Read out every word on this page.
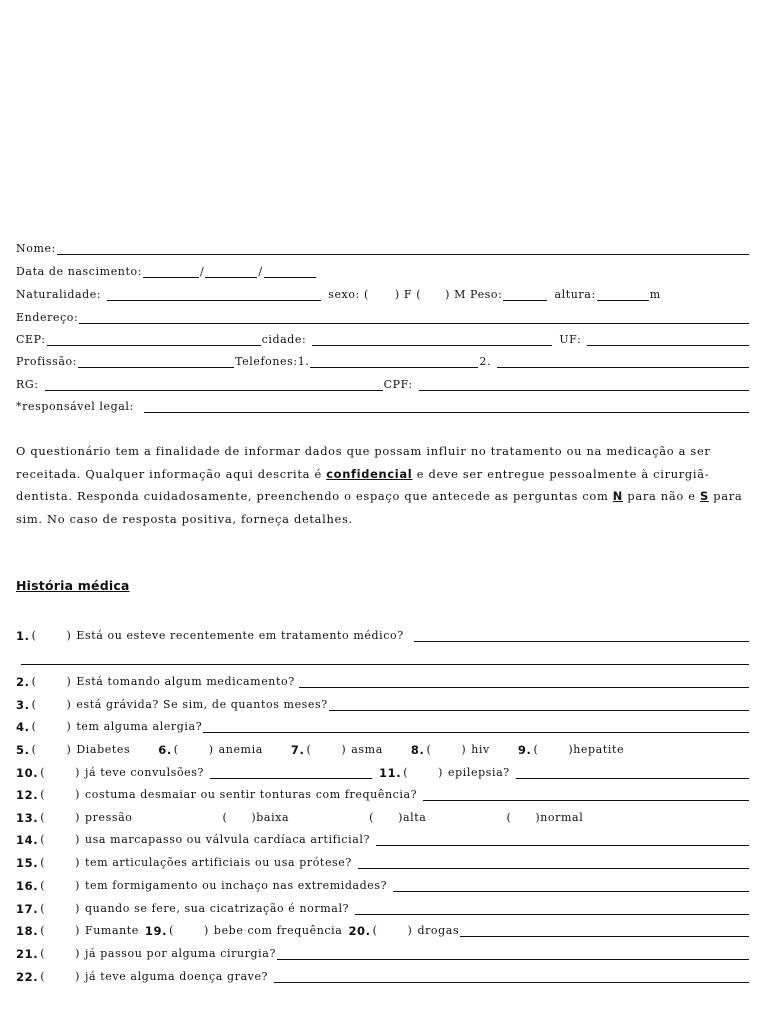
Nome:
Data de nascimento:	/	/
Naturalidade:	sexo: ( ) F ( ) M Peso:	altura:	m
Endereço:
CEP:	cidade:	UF:
Profissão:	Telefones:1.	2.
RG:	CPF:
*responsável legal:
O questionário tem a finalidade de informar dados que possam influir no tratamento ou na medicação a ser receitada. Qualquer informação aqui descrita é confidencial e deve ser entregue pessoalmente à cirurgiã-dentista. Responda cuidadosamente, preenchendo o espaço que antecede as perguntas com N para não e S para sim. No caso de resposta positiva, forneça detalhes.
História médica
1. (	) Está ou esteve recentemente em tratamento médico?
2. (	) Está tomando algum medicamento?
3. (	) está grávida? Se sim, de quantos meses?
4. (	) tem alguma alergia?
5. (	) Diabetes 6. (	) anemia 7. (	) asma 8. (	) hiv 9. (	)hepatite
10. (	) já teve convulsões?	11. (	) epilepsia?
12. (	) costuma desmaiar ou sentir tonturas com frequência?
13. (	) pressão	( )baixa	( )alta	( )normal
14. (	) usa marcapasso ou válvula cardíaca artificial?
15. (	) tem articulações artificiais ou usa prótese?
16. (	) tem formigamento ou inchaço nas extremidades?
17. (	) quando se fere, sua cicatrização é normal?
18. (	) Fumante 19. (	) bebe com frequência 20. (	) drogas
21. (	) já passou por alguma cirurgia?
22. (	) já teve alguma doença grave?
